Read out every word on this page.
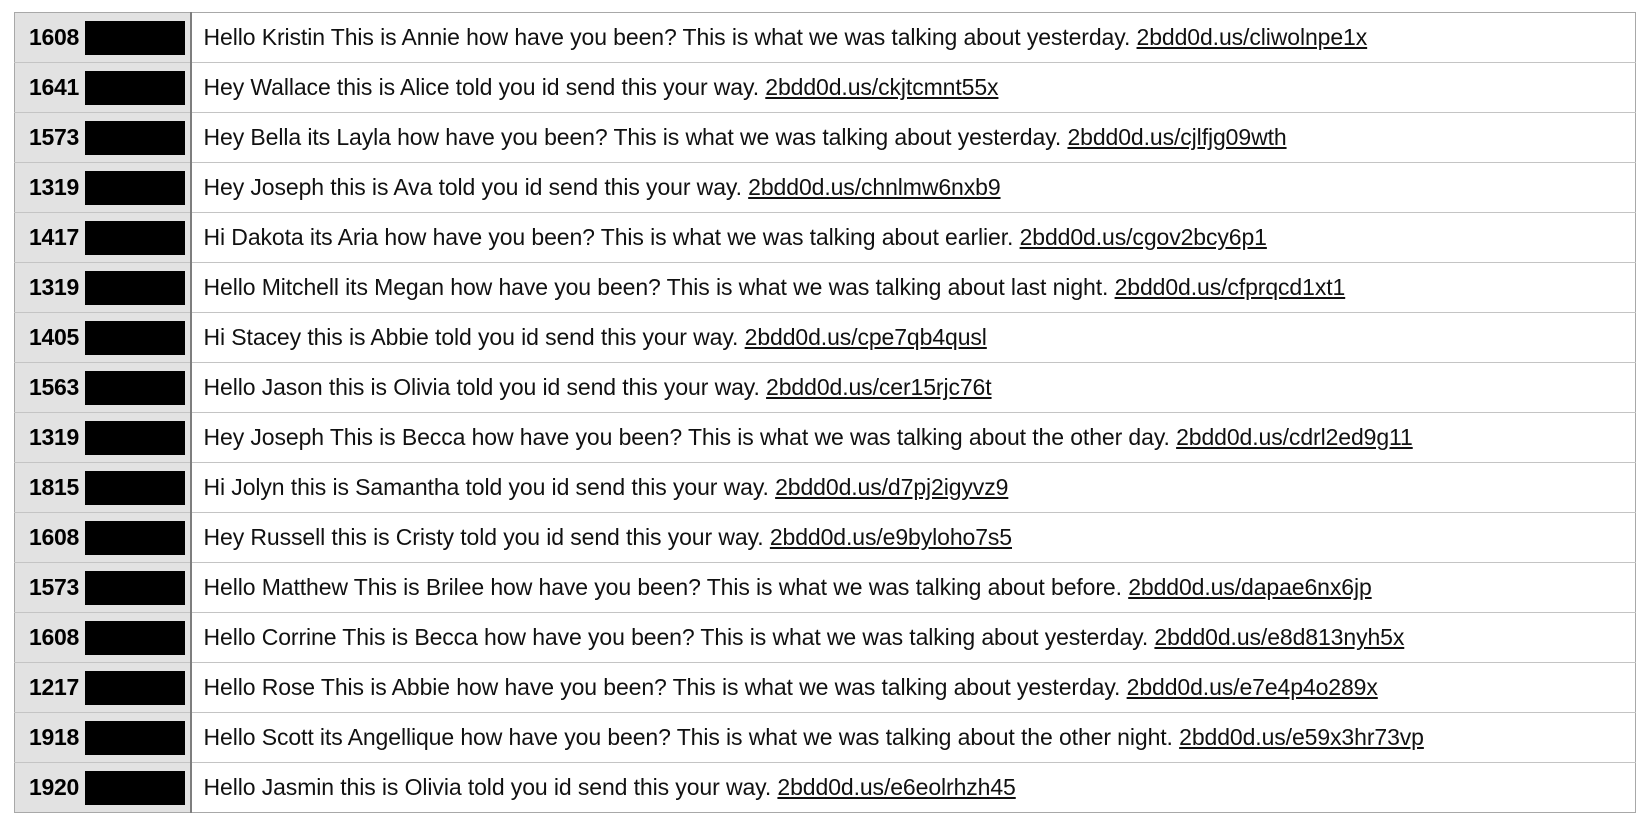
1608	Hello Kristin This is Annie how have you been? This is what we was talking about yesterday. 2bdd0d.us/cliwolnpe1x

1641	Hey Wallace this is Alice told you id send this your way. 2bdd0d.us/ckjtcmnt55x

1573	Hey Bella its Layla how have you been? This is what we was talking about yesterday. 2bdd0d.us/cjlfjg09wth

1319	Hey Joseph this is Ava told you id send this your way. 2bdd0d.us/chnlmw6nxb9

1417	Hi Dakota its Aria how have you been? This is what we was talking about earlier. 2bdd0d.us/cgov2bcy6p1

1319	Hello Mitchell its Megan how have you been? This is what we was talking about last night. 2bdd0d.us/cfprqcd1xt1

1405	Hi Stacey this is Abbie told you id send this your way. 2bdd0d.us/cpe7qb4qusl

1563	Hello Jason this is Olivia told you id send this your way. 2bdd0d.us/cer15rjc76t

1319	Hey Joseph This is Becca how have you been? This is what we was talking about the other day. 2bdd0d.us/cdrl2ed9g11

1815	Hi Jolyn this is Samantha told you id send this your way. 2bdd0d.us/d7pj2igyvz9

1608	Hey Russell this is Cristy told you id send this your way. 2bdd0d.us/e9byloho7s5

1573	Hello Matthew This is Brilee how have you been? This is what we was talking about before. 2bdd0d.us/dapae6nx6jp

1608	Hello Corrine This is Becca how have you been? This is what we was talking about yesterday. 2bdd0d.us/e8d813nyh5x

1217	Hello Rose This is Abbie how have you been? This is what we was talking about yesterday. 2bdd0d.us/e7e4p4o289x

1918	Hello Scott its Angellique how have you been? This is what we was talking about the other night. 2bdd0d.us/e59x3hr73vp

1920	Hello Jasmin this is Olivia told you id send this your way. 2bdd0d.us/e6eolrhzh45
